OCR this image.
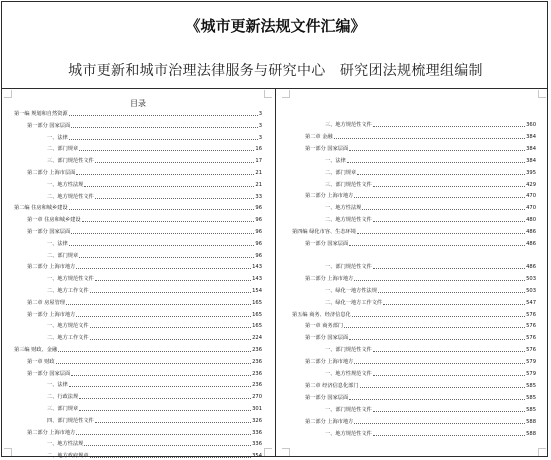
《城市更新法规文件汇编》
城市更新和城市治理法律服务与研究中心　研究团法规梳理组编制
目录
第一编 规划和自然资源	3
第一部分 国家层面	3
一、法律	3
二、部门规章	16
三、部门规范性文件	17
第二部分 上海市层面	21
一、地方性法规	21
二、地方规范性文件	33
第二编 住房和城乡建设	96
第一章 住房和城乡建设	96
第一部分 国家层面	96
一、法律	96
二、部门规章	96
第二部分 上海市地方	143
一、地方规范性文件	143
二、地方工作文件	154
第二章 房屋管理	165
第一部分 上海市地方	165
一、地方规范文件	165
二、地方工作文件	224
第三编 财政、金融	236
第一章 财政	236
第一部分 国家层面	236
一、法律	236
二、行政法规	270
三、部门规章	301
四、部门规范性文件	326
第二部分 上海市地方	336
一、地方性法规	336
二、地方政府规章	354
三、地方规范性文件	360
第二章 金融	384
第一部分 国家层面	384
一、法律	384
二、部门规章	395
三、部门规范性文件	429
第二部分 上海市地方	470
一、地方性法规	470
二、地方规范性文件	480
第四编 绿化市容、生态环境	486
第一部分 国家层面	486
一、部门规范性文件	486
第二部分 上海市地方	503
一、绿化一地方性法规	503
二、绿化一地方工作文件	547
第五编 商务、经济信息化	576
第一章 商务部门	576
第一部分 国家层面	576
一、部门规范性文件	576
第二部分 上海市地方	579
一、地方性规范文件	579
第二章 经济信息化部门	585
第一部分 国家层面	585
一、部门规范性文件	585
第二部分 上海市地方	588
一、地方规范性文件	588
